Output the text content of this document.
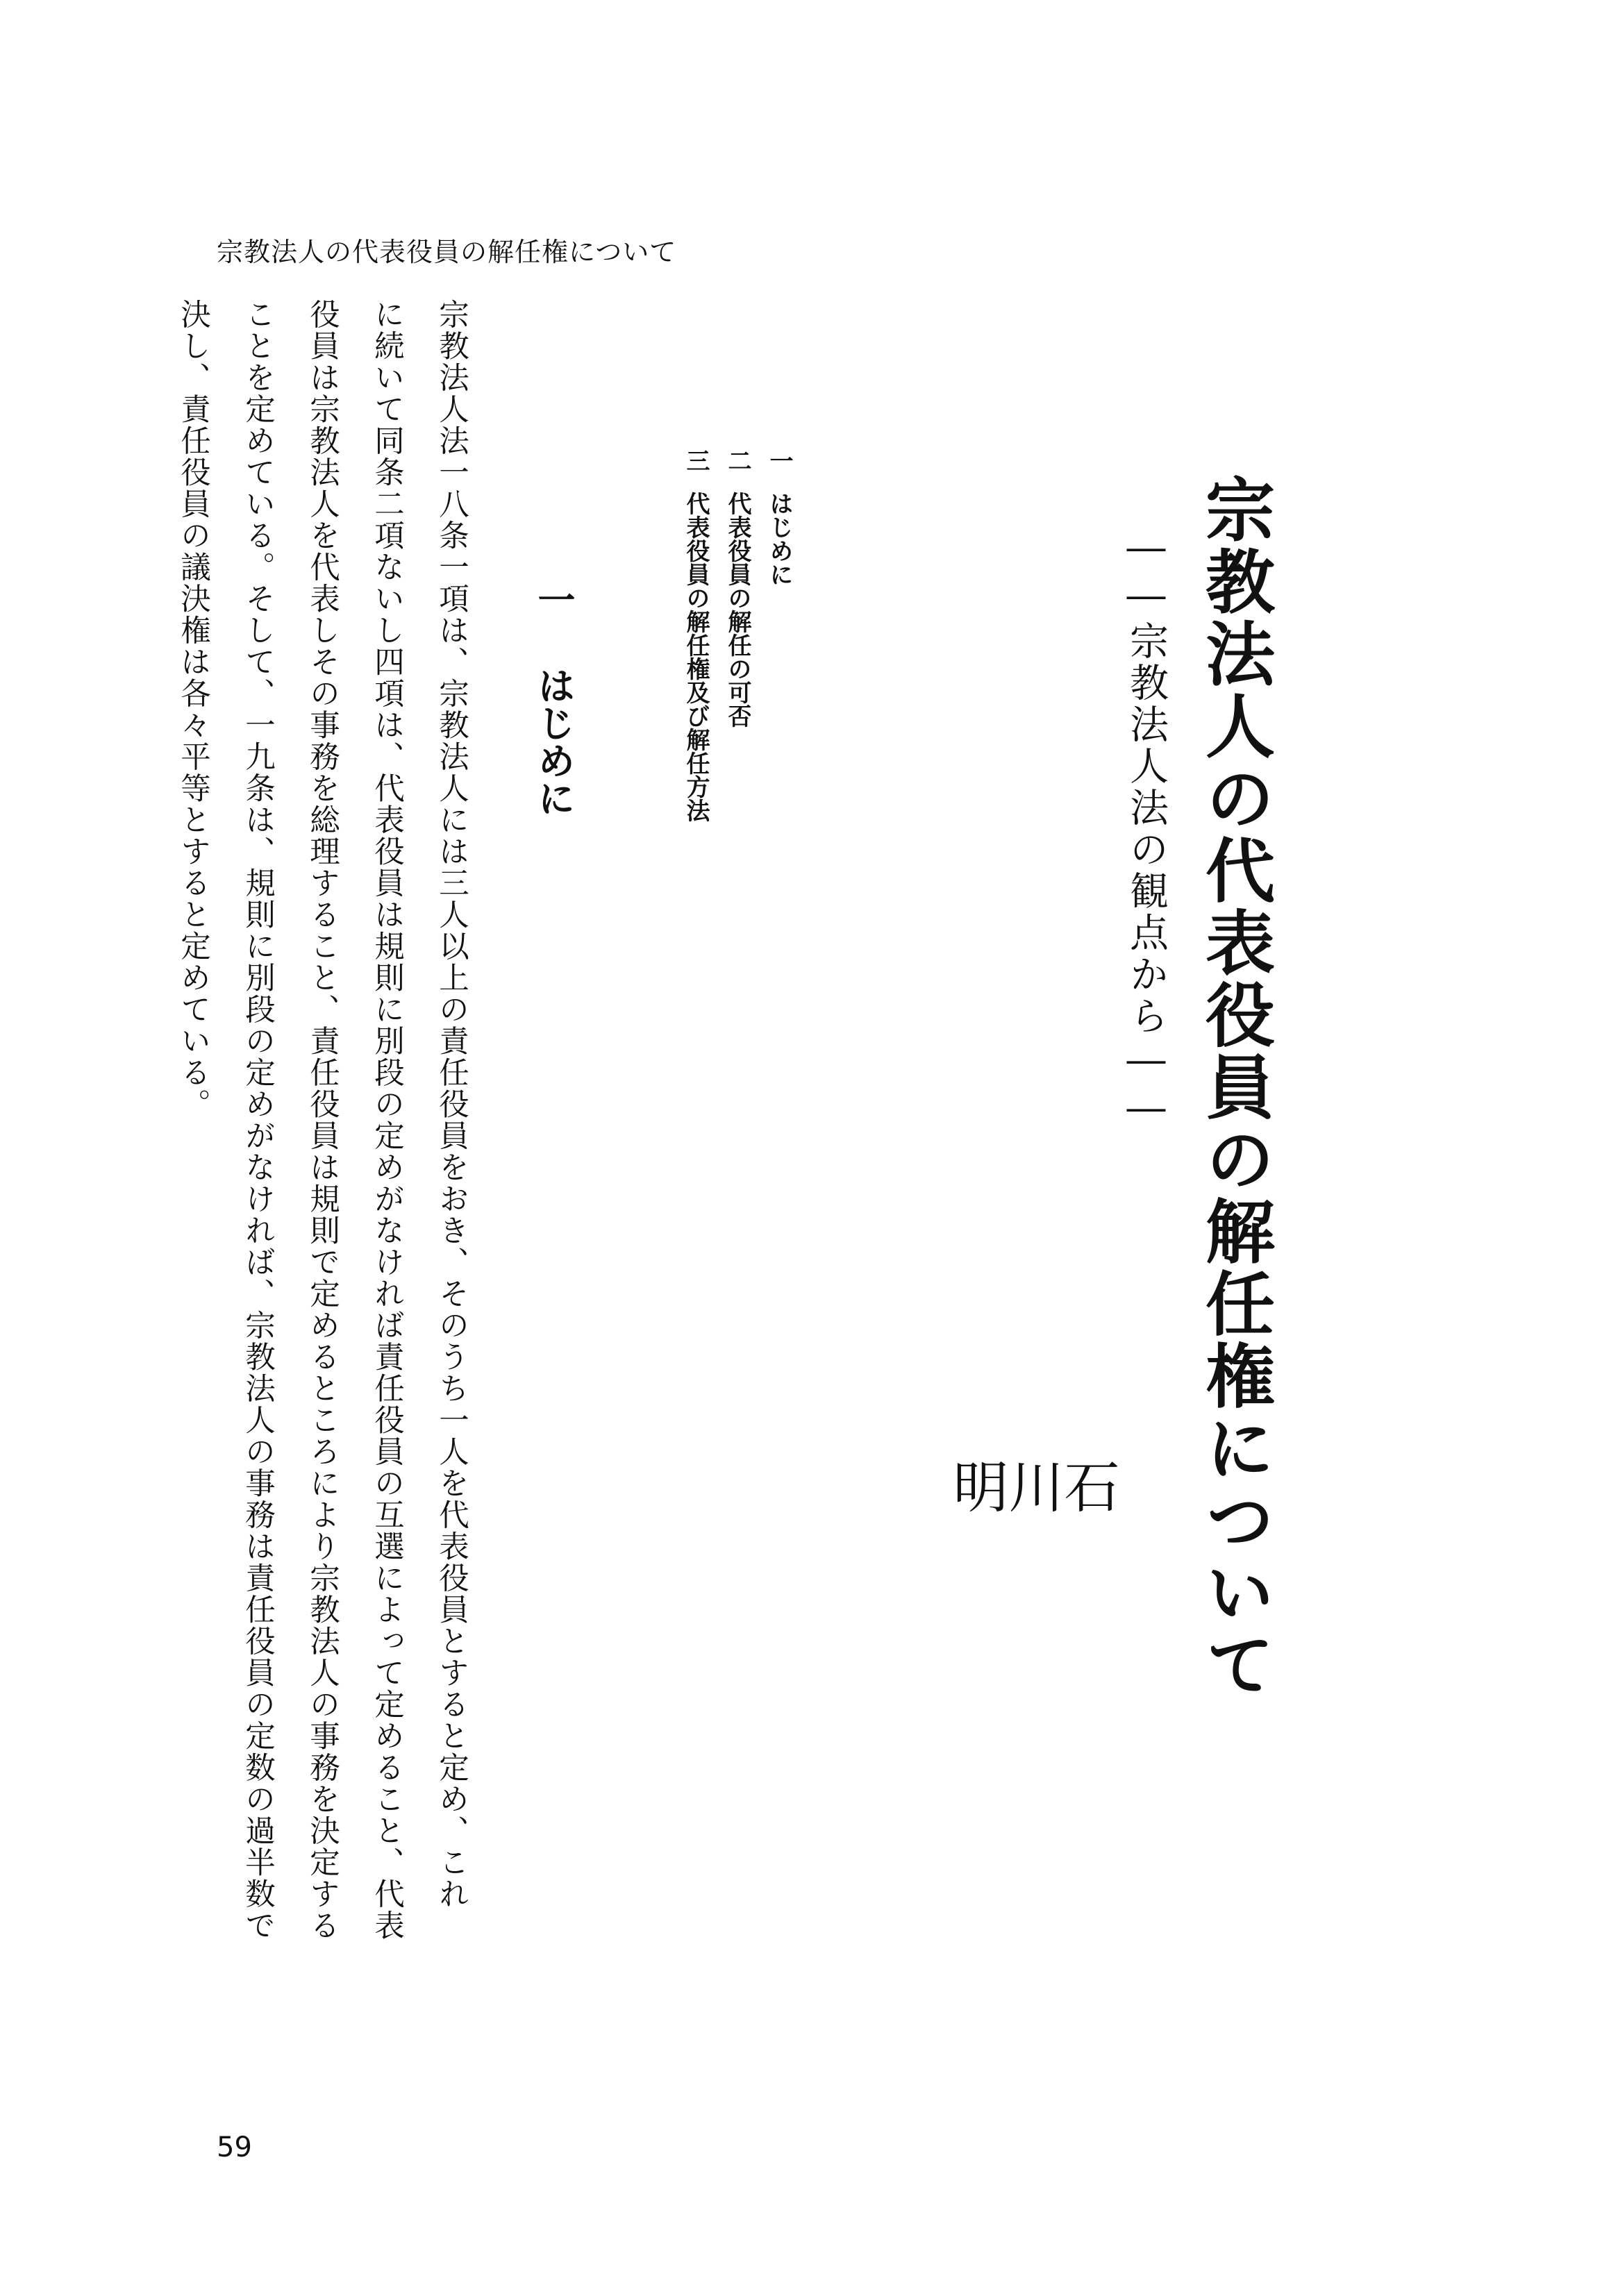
宗教法人の代表役員の解任権について
宗教法人の代表役員の解任権について

――宗教法人法の観点から――

石
川
明
一はじめに
二代表役員の解任の可否
三代表役員の解任権及び解任方法
一はじめに
宗教法人法一八条一項は、宗教法人には三人以上の責任役員をおき、そのうち一人を代表役員とすると定め、これ
に続いて同条二項ないし四項は、代表役員は規則に別段の定めがなければ責任役員の互選によって定めること、代表
役員は宗教法人を代表しその事務を総理すること、責任役員は規則で定めるところにより宗教法人の事務を決定する
ことを定めている。そして、一九条は、規則に別段の定めがなければ、宗教法人の事務は責任役員の定数の過半数で
決し、責任役員の議決権は各々平等とすると定めている。
59
